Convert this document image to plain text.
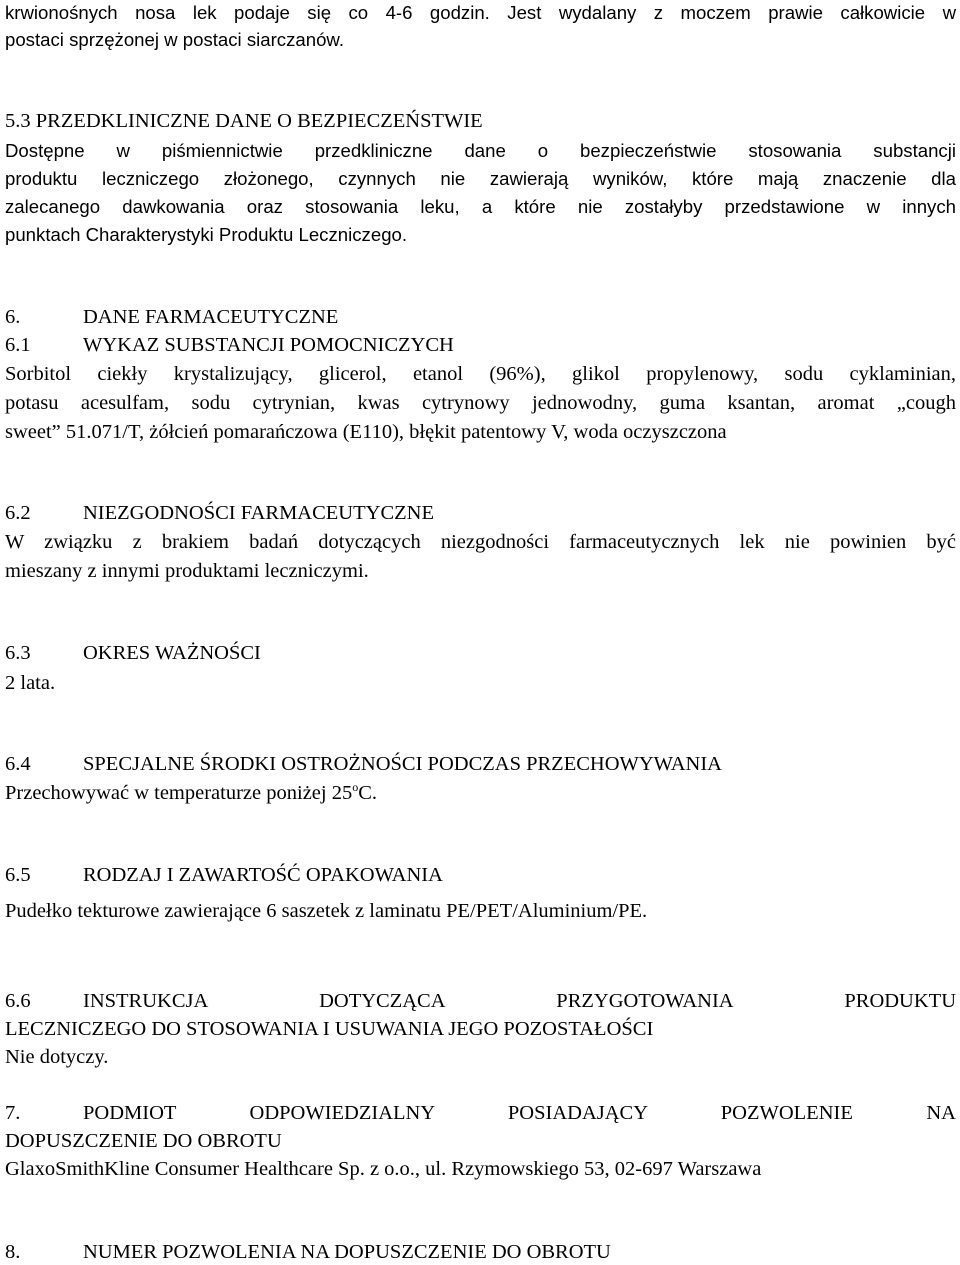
krwionośnych nosa lek podaje się co 4-6 godzin. Jest wydalany z moczem prawie całkowicie w
postaci sprzężonej w postaci siarczanów.
5.3 PRZEDKLINICZNE DANE O BEZPIECZEŃSTWIE
Dostępne w piśmiennictwie przedkliniczne dane o bezpieczeństwie stosowania substancji
produktu leczniczego złożonego, czynnych nie zawierają wyników, które mają znaczenie dla
zalecanego dawkowania oraz stosowania leku, a które nie zostałyby przedstawione w innych
punktach Charakterystyki Produktu Leczniczego.
6.	DANE FARMACEUTYCZNE
6.1	WYKAZ SUBSTANCJI POMOCNICZYCH
Sorbitol ciekły krystalizujący, glicerol, etanol (96%), glikol propylenowy, sodu cyklaminian,
potasu acesulfam, sodu cytrynian, kwas cytrynowy jednowodny, guma ksantan, aromat „cough
sweet” 51.071/T, żółcień pomarańczowa (E110), błękit patentowy V, woda oczyszczona
6.2	NIEZGODNOŚCI FARMACEUTYCZNE
W związku z brakiem badań dotyczących niezgodności farmaceutycznych lek nie powinien być
mieszany z innymi produktami leczniczymi.
6.3	OKRES WAŻNOŚCI
2 lata.
6.4	SPECJALNE ŚRODKI OSTROŻNOŚCI PODCZAS PRZECHOWYWANIA
Przechowywać w temperaturze poniżej 25$^o$C.
6.5	RODZAJ I ZAWARTOŚĆ OPAKOWANIA
Pudełko tekturowe zawierające 6 saszetek z laminatu PE/PET/Aluminium/PE.
6.6	INSTRUKCJA DOTYCZĄCA PRZYGOTOWANIA PRODUKTU
LECZNICZEGO DO STOSOWANIA I USUWANIA JEGO POZOSTAŁOŚCI
Nie dotyczy.
7.	PODMIOT ODPOWIEDZIALNY POSIADAJĄCY POZWOLENIE NA
DOPUSZCZENIE DO OBROTU
GlaxoSmithKline Consumer Healthcare Sp. z o.o., ul. Rzymowskiego 53, 02-697 Warszawa
8.	NUMER POZWOLENIA NA DOPUSZCZENIE DO OBROTU
